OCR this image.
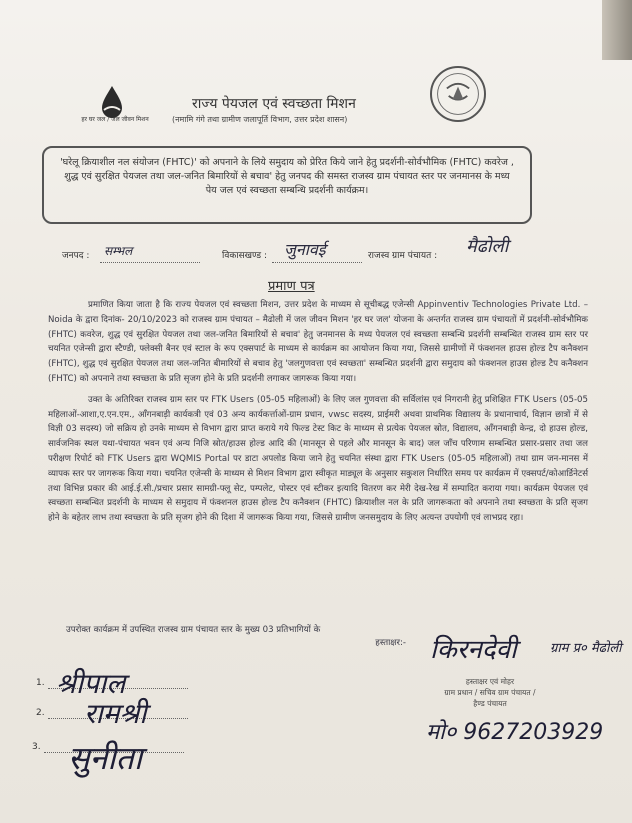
हर घर जल / जल जीवन मिशन
राज्य पेयजल एवं स्वच्छता मिशन
(नमामि गंगे तथा ग्रामीण जलापूर्ति विभाग, उत्तर प्रदेश शासन)
'घरेलू क्रियाशील नल संयोजन (FHTC)' को अपनाने के लिये समुदाय को प्रेरित किये जाने हेतु प्रदर्शनी-सोर्वभौमिक (FHTC) कवरेज , शुद्ध एवं सुरक्षित पेयजल तथा जल-जनित बिमारियों से बचाव' हेतु जनपद की समस्त राजस्व ग्राम पंचायत स्तर पर जनमानस के मध्य पेय जल एवं स्वच्छता सम्बन्धि प्रदर्शनी कार्यक्रम।
जनपद : सम्भल	विकासखण्ड : जुनावई	राजस्व ग्राम पंचायत : मैढोली
प्रमाण पत्र

प्रमाणित किया जाता है कि राज्य पेयजल एवं स्वच्छता मिशन, उत्तर प्रदेश के माध्यम से सूचीबद्ध एजेन्सी Appinventiv Technologies Private Ltd. – Noida के द्वारा दिनांक- 20/10/2023 को राजस्व ग्राम पंचायत – मैढोली में जल जीवन मिशन 'हर घर जल' योजना के अन्तर्गत राजस्व ग्राम पंचायतों में प्रदर्शनी-सोर्वभौमिक (FHTC) कवरेज, शुद्ध एवं सुरक्षित पेयजल तथा जल-जनित बिमारियों से बचाव' हेतु जनमानस के मध्य पेयजल एवं स्वच्छता सम्बन्धि प्रदर्शनी सम्बन्धित राजस्व ग्राम स्तर पर चयनित एजेन्सी द्वारा स्टैण्डी, फ्लेक्सी बैनर एवं स्टाल के रूप एक्सपार्ट के माध्यम से कार्यक्रम का आयोजन किया गया, जिससे ग्रामीणों में फंक्शनल हाउस होल्ड टैप कनैक्शन (FHTC), शुद्ध एवं सुरक्षित पेयजल तथा जल-जनित बीमारियों से बचाव हेतु 'जलगुणवत्ता एवं स्वच्छता' सम्बन्धित प्रदर्शनी द्वारा समुदाय को फंक्शनल हाउस होल्ड टैप कनैक्शन (FHTC) को अपनाने तथा स्वच्छता के प्रति सृजग होने के प्रति प्रदर्शनी लगाकर जागरूक किया गया।

उक्त के अतिरिक्त राजस्व ग्राम स्तर पर FTK Users (05-05 महिलाओं) के लिए जल गुणवत्ता की सर्विलांस एवं निगरानी हेतु प्रशिक्षित FTK Users (05-05 महिलाओं-आशा,ए.एन.एम., आँगनबाड़ी कार्यकत्री एवं 03 अन्य कार्यकर्त्ताओं-ग्राम प्रधान, vwsc सदस्य, प्राईमरी अथवा प्राथमिक विद्यालय के प्रधानाचार्य, विज्ञान छात्रों में से विज्ञी 03 सदस्य) जो सक्रिय हो उनके माध्यम से विभाग द्वारा प्राप्त कराये गये फिल्ड टेस्ट किट के माध्यम से प्रत्येक पेयजल स्रोत, विद्यालय, आँगनबाड़ी केन्द्र, दो हाउस होल्ड, सार्वजनिक स्थल यथा-पंचायत भवन एवं अन्य निजि स्रोत/हाउस होल्ड आदि की (मानसून से पहले और मानसून के बाद) जल जाँच परिणाम सम्बन्धित प्रसार-प्रसार तथा जल परीक्षण रिपोर्ट को FTK Users द्वारा WQMIS Portal पर डाटा अपलोड किया जाने हेतु चयनित संस्था द्वारा FTK Users (05-05 महिलाओं) तथा ग्राम जन-मानस में व्यापक स्तर पर जागरूक किया गया। चयनित एजेन्सी के माध्यम से मिशन विभाग द्वारा स्वीकृत माड्यूल के अनुसार सकुशल निर्धारित समय पर कार्यक्रम में एक्सपर्ट/कोआर्डिनेटर्स तथा विभिन्न प्रकार की आई.ई.सी./प्रचार प्रसार सामग्री-फ्लू सेट, पम्पलेट, पोस्टर एवं स्टीकर इत्यादि वितरण कर मेरी देख-रेख में सम्पादित कराया गया। कार्यक्रम पेयजल एवं स्वच्छता सम्बन्धित प्रदर्शनी के माध्यम से समुदाय में फंक्शनल हाउस होल्ड टैप कनैक्शन (FHTC) क्रियाशील नल के प्रति जागरूकता को अपनाने तथा स्वच्छता के प्रति सृजग होने के बहेतर लाभ तथा स्वच्छता के प्रति सृजग होने की दिशा में जागरूक किया गया, जिससे ग्रामीण जनसमुदाय के लिए अत्यन्त उपयोगी एवं लाभप्रद रहा।

उपरोक्त कार्यक्रम में उपस्थित राजस्व ग्राम पंचायत स्तर के मुख्य 03 प्रतिभागियों के
हस्ताक्षर:- किरनदेवी	ग्राम प्र० मैढोली
हस्ताक्षर एवं मोहर
ग्राम प्रधान / सचिव ग्राम पंचायत /
हैण्ड पंचायत
मो० 9627203929
1. श्रीपाल
2. रामश्री
3. सुनीता
